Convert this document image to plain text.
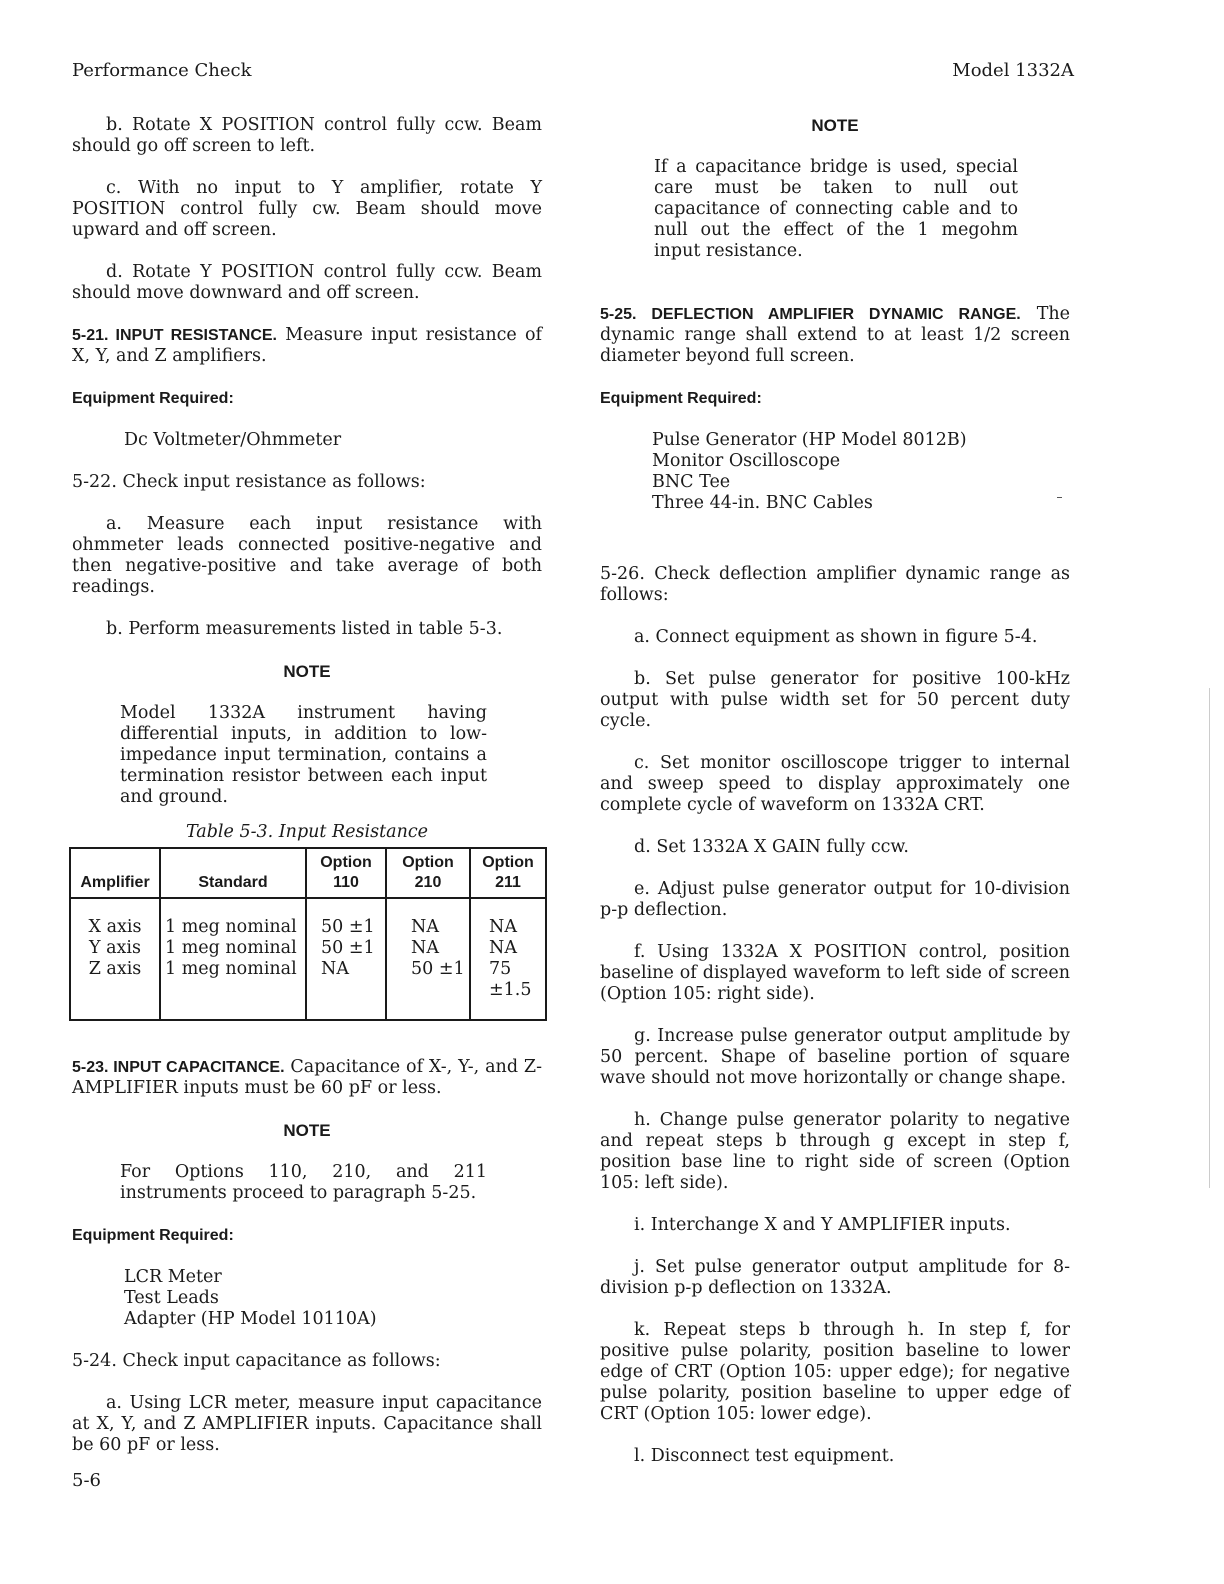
Performance Check	Model 1332A

b. Rotate X POSITION control fully ccw. Beam should go off screen to left.

c. With no input to Y amplifier, rotate Y POSITION control fully cw. Beam should move upward and off screen.

d. Rotate Y POSITION control fully ccw. Beam should move downward and off screen.

5-21. INPUT RESISTANCE. Measure input resistance of X, Y, and Z amplifiers.

Equipment Required:

Dc Voltmeter/Ohmmeter

5-22. Check input resistance as follows:

a. Measure each input resistance with ohmmeter leads connected positive-negative and then negative-positive and take average of both readings.

b. Perform measurements listed in table 5-3.

NOTE

Model 1332A instrument having differential inputs, in addition to low-impedance input termination, contains a termination resistor between each input and ground.

Table 5-3. Input Resistance
Amplifier	Standard	Option 110	Option 210	Option 211
X axis	1 meg nominal	50 ±1	NA	NA
Y axis	1 meg nominal	50 ±1	NA	NA
Z axis	1 meg nominal	NA	50 ±1	75 ±1.5

5-23. INPUT CAPACITANCE. Capacitance of X-, Y-, and Z-AMPLIFIER inputs must be 60 pF or less.

NOTE

For Options 110, 210, and 211 instruments proceed to paragraph 5-25.

Equipment Required:

LCR Meter
Test Leads
Adapter (HP Model 10110A)

5-24. Check input capacitance as follows:

a. Using LCR meter, measure input capacitance at X, Y, and Z AMPLIFIER inputs. Capacitance shall be 60 pF or less.

NOTE

If a capacitance bridge is used, special care must be taken to null out capacitance of connecting cable and to null out the effect of the 1 megohm input resistance.

5-25. DEFLECTION AMPLIFIER DYNAMIC RANGE. The dynamic range shall extend to at least 1/2 screen diameter beyond full screen.

Equipment Required:

Pulse Generator (HP Model 8012B)
Monitor Oscilloscope
BNC Tee
Three 44-in. BNC Cables

5-26. Check deflection amplifier dynamic range as follows:

a. Connect equipment as shown in figure 5-4.

b. Set pulse generator for positive 100-kHz output with pulse width set for 50 percent duty cycle.

c. Set monitor oscilloscope trigger to internal and sweep speed to display approximately one complete cycle of waveform on 1332A CRT.

d. Set 1332A X GAIN fully ccw.

e. Adjust pulse generator output for 10-division p-p deflection.

f. Using 1332A X POSITION control, position baseline of displayed waveform to left side of screen (Option 105: right side).

g. Increase pulse generator output amplitude by 50 percent. Shape of baseline portion of square wave should not move horizontally or change shape.

h. Change pulse generator polarity to negative and repeat steps b through g except in step f, position base line to right side of screen (Option 105: left side).

i. Interchange X and Y AMPLIFIER inputs.

j. Set pulse generator output amplitude for 8-division p-p deflection on 1332A.

k. Repeat steps b through h. In step f, for positive pulse polarity, position baseline to lower edge of CRT (Option 105: upper edge); for negative pulse polarity, position baseline to upper edge of CRT (Option 105: lower edge).

l. Disconnect test equipment.

5-6
